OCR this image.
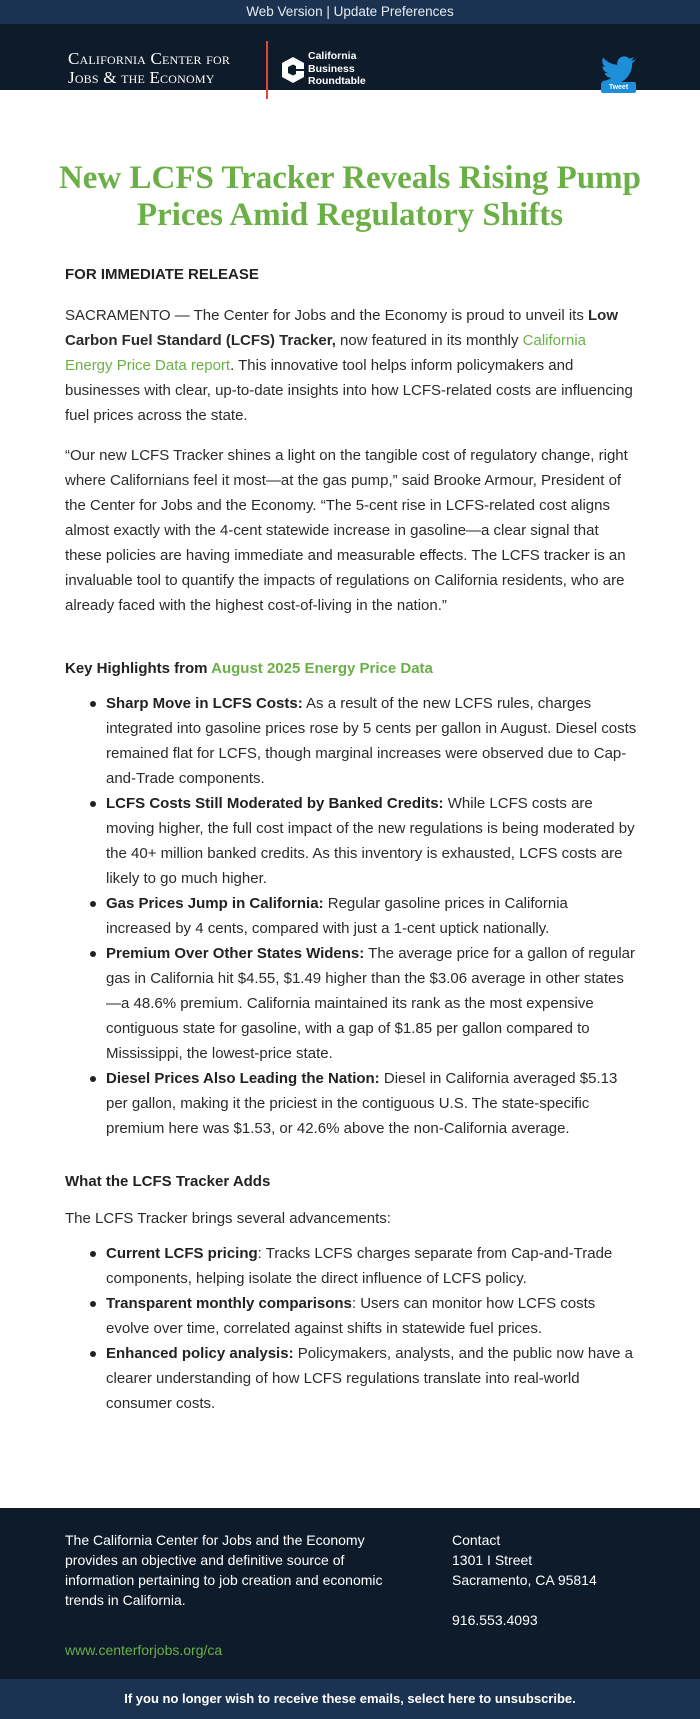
Web Version | Update Preferences
California Center for
Jobs & the Economy
California
Business
Roundtable
Tweet
New LCFS Tracker Reveals Rising Pump Prices Amid Regulatory Shifts
FOR IMMEDIATE RELEASE

SACRAMENTO — The Center for Jobs and the Economy is proud to unveil its Low Carbon Fuel Standard (LCFS) Tracker, now featured in its monthly California Energy Price Data report. This innovative tool helps inform policymakers and businesses with clear, up-to-date insights into how LCFS-related costs are influencing fuel prices across the state.

“Our new LCFS Tracker shines a light on the tangible cost of regulatory change, right where Californians feel it most—at the gas pump,” said Brooke Armour, President of the Center for Jobs and the Economy. “The 5-cent rise in LCFS-related cost aligns almost exactly with the 4-cent statewide increase in gasoline—a clear signal that these policies are having immediate and measurable effects. The LCFS tracker is an invaluable tool to quantify the impacts of regulations on California residents, who are already faced with the highest cost-of-living in the nation.”

Key Highlights from August 2025 Energy Price Data

Sharp Move in LCFS Costs: As a result of the new LCFS rules, charges integrated into gasoline prices rose by 5 cents per gallon in August. Diesel costs remained flat for LCFS, though marginal increases were observed due to Cap-and-Trade components.
LCFS Costs Still Moderated by Banked Credits: While LCFS costs are moving higher, the full cost impact of the new regulations is being moderated by the 40+ million banked credits. As this inventory is exhausted, LCFS costs are likely to go much higher.
Gas Prices Jump in California: Regular gasoline prices in California increased by 4 cents, compared with just a 1-cent uptick nationally.
Premium Over Other States Widens: The average price for a gallon of regular gas in California hit $4.55, $1.49 higher than the $3.06 average in other states—a 48.6% premium. California maintained its rank as the most expensive contiguous state for gasoline, with a gap of $1.85 per gallon compared to Mississippi, the lowest-price state.
Diesel Prices Also Leading the Nation: Diesel in California averaged $5.13 per gallon, making it the priciest in the contiguous U.S. The state-specific premium here was $1.53, or 42.6% above the non-California average.

What the LCFS Tracker Adds

The LCFS Tracker brings several advancements:

Current LCFS pricing: Tracks LCFS charges separate from Cap-and-Trade components, helping isolate the direct influence of LCFS policy.
Transparent monthly comparisons: Users can monitor how LCFS costs evolve over time, correlated against shifts in statewide fuel prices.
Enhanced policy analysis: Policymakers, analysts, and the public now have a clearer understanding of how LCFS regulations translate into real-world consumer costs.
The California Center for Jobs and the Economy provides an objective and definitive source of information pertaining to job creation and economic trends in California.
www.centerforjobs.org/ca
Contact
1301 I Street
Sacramento, CA 95814
916.553.4093
If you no longer wish to receive these emails, select here to unsubscribe.
